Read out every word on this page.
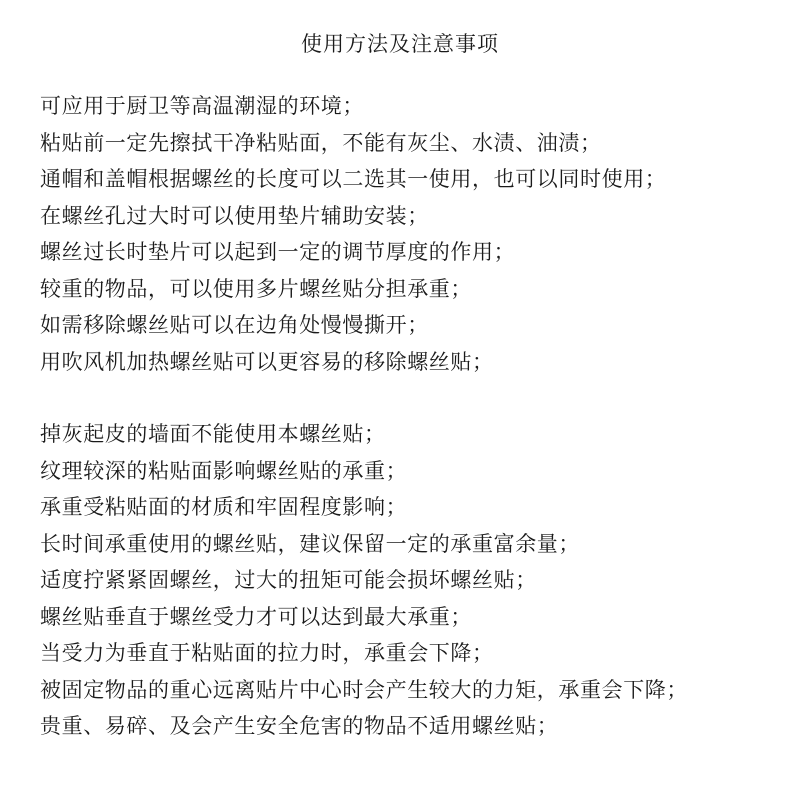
使用方法及注意事项
可应用于厨卫等高温潮湿的环境；
粘贴前一定先擦拭干净粘贴面，不能有灰尘、水渍、油渍；
通帽和盖帽根据螺丝的长度可以二选其一使用，也可以同时使用；
在螺丝孔过大时可以使用垫片辅助安装；
螺丝过长时垫片可以起到一定的调节厚度的作用；
较重的物品，可以使用多片螺丝贴分担承重；
如需移除螺丝贴可以在边角处慢慢撕开；
用吹风机加热螺丝贴可以更容易的移除螺丝贴；
掉灰起皮的墙面不能使用本螺丝贴；
纹理较深的粘贴面影响螺丝贴的承重；
承重受粘贴面的材质和牢固程度影响；
长时间承重使用的螺丝贴，建议保留一定的承重富余量；
适度拧紧紧固螺丝，过大的扭矩可能会损坏螺丝贴；
螺丝贴垂直于螺丝受力才可以达到最大承重；
当受力为垂直于粘贴面的拉力时，承重会下降；
被固定物品的重心远离贴片中心时会产生较大的力矩，承重会下降；
贵重、易碎、及会产生安全危害的物品不适用螺丝贴；
